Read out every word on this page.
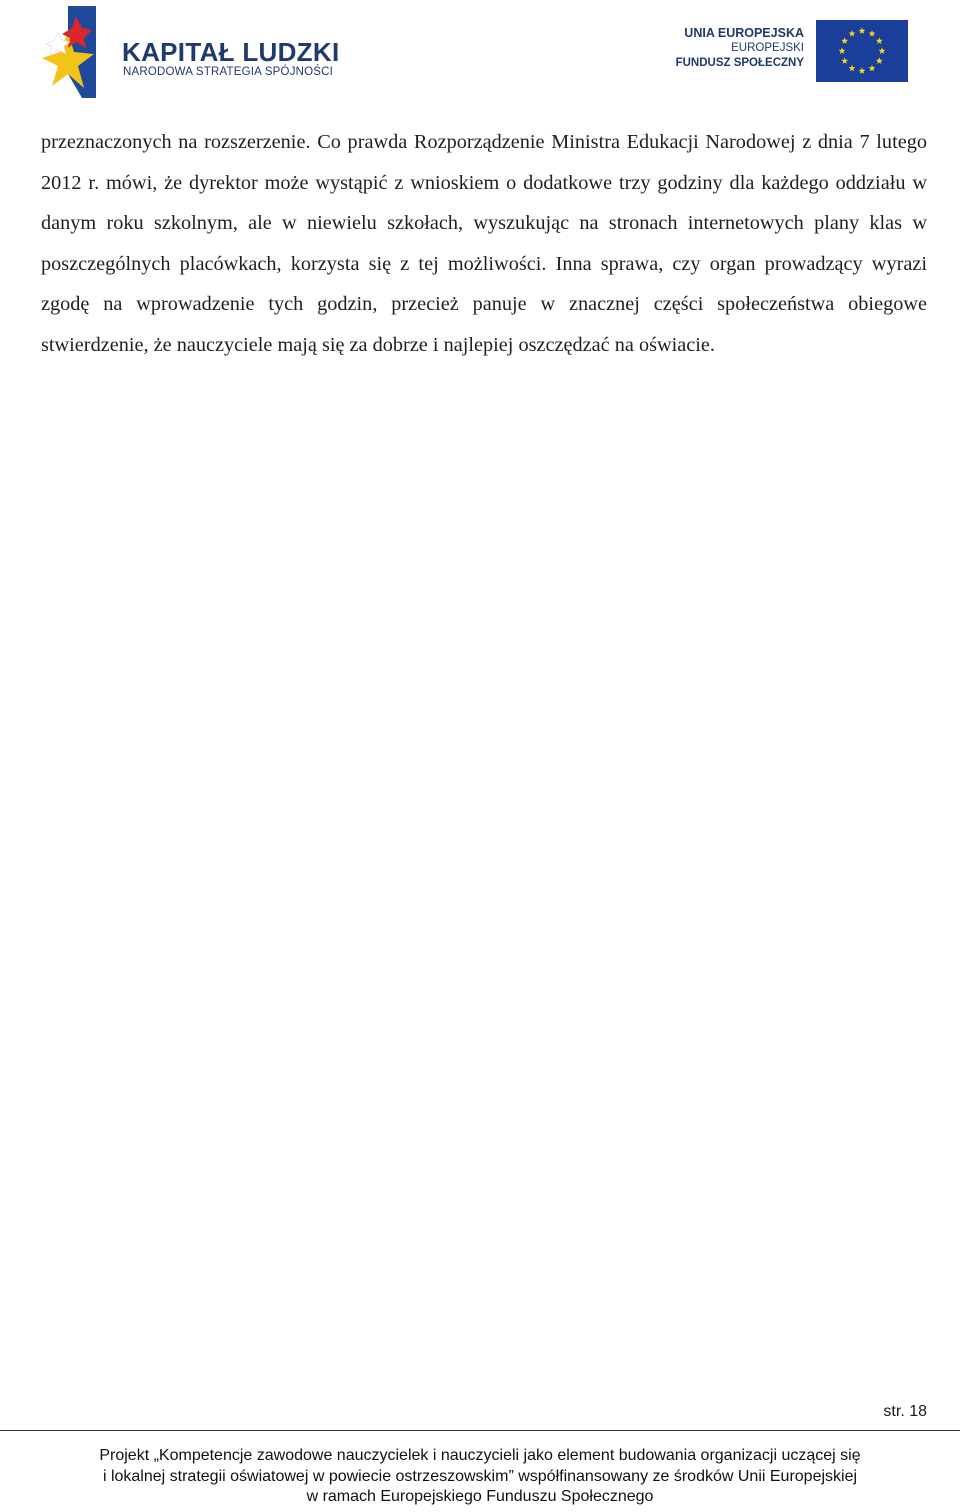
KAPITAŁ LUDZKI
NARODOWA STRATEGIA SPÓJNOŚCI
UNIA EUROPEJSKA
EUROPEJSKI
FUNDUSZ SPOŁECZNY

przeznaczonych na rozszerzenie. Co prawda Rozporządzenie Ministra Edukacji Narodowej z dnia 7 lutego 2012 r. mówi, że dyrektor może wystąpić z wnioskiem o dodatkowe trzy godziny dla każdego oddziału w danym roku szkolnym, ale w niewielu szkołach, wyszukując na stronach internetowych plany klas w poszczególnych placówkach, korzysta się z tej możliwości. Inna sprawa, czy organ prowadzący wyrazi zgodę na wprowadzenie tych godzin, przecież panuje w znacznej części społeczeństwa obiegowe stwierdzenie, że nauczyciele mają się za dobrze i najlepiej oszczędzać na oświacie.

str. 18
Projekt „Kompetencje zawodowe nauczycielek i nauczycieli jako element budowania organizacji uczącej się
i lokalnej strategii oświatowej w powiecie ostrzeszowskim” współfinansowany ze środków Unii Europejskiej
w ramach Europejskiego Funduszu Społecznego
